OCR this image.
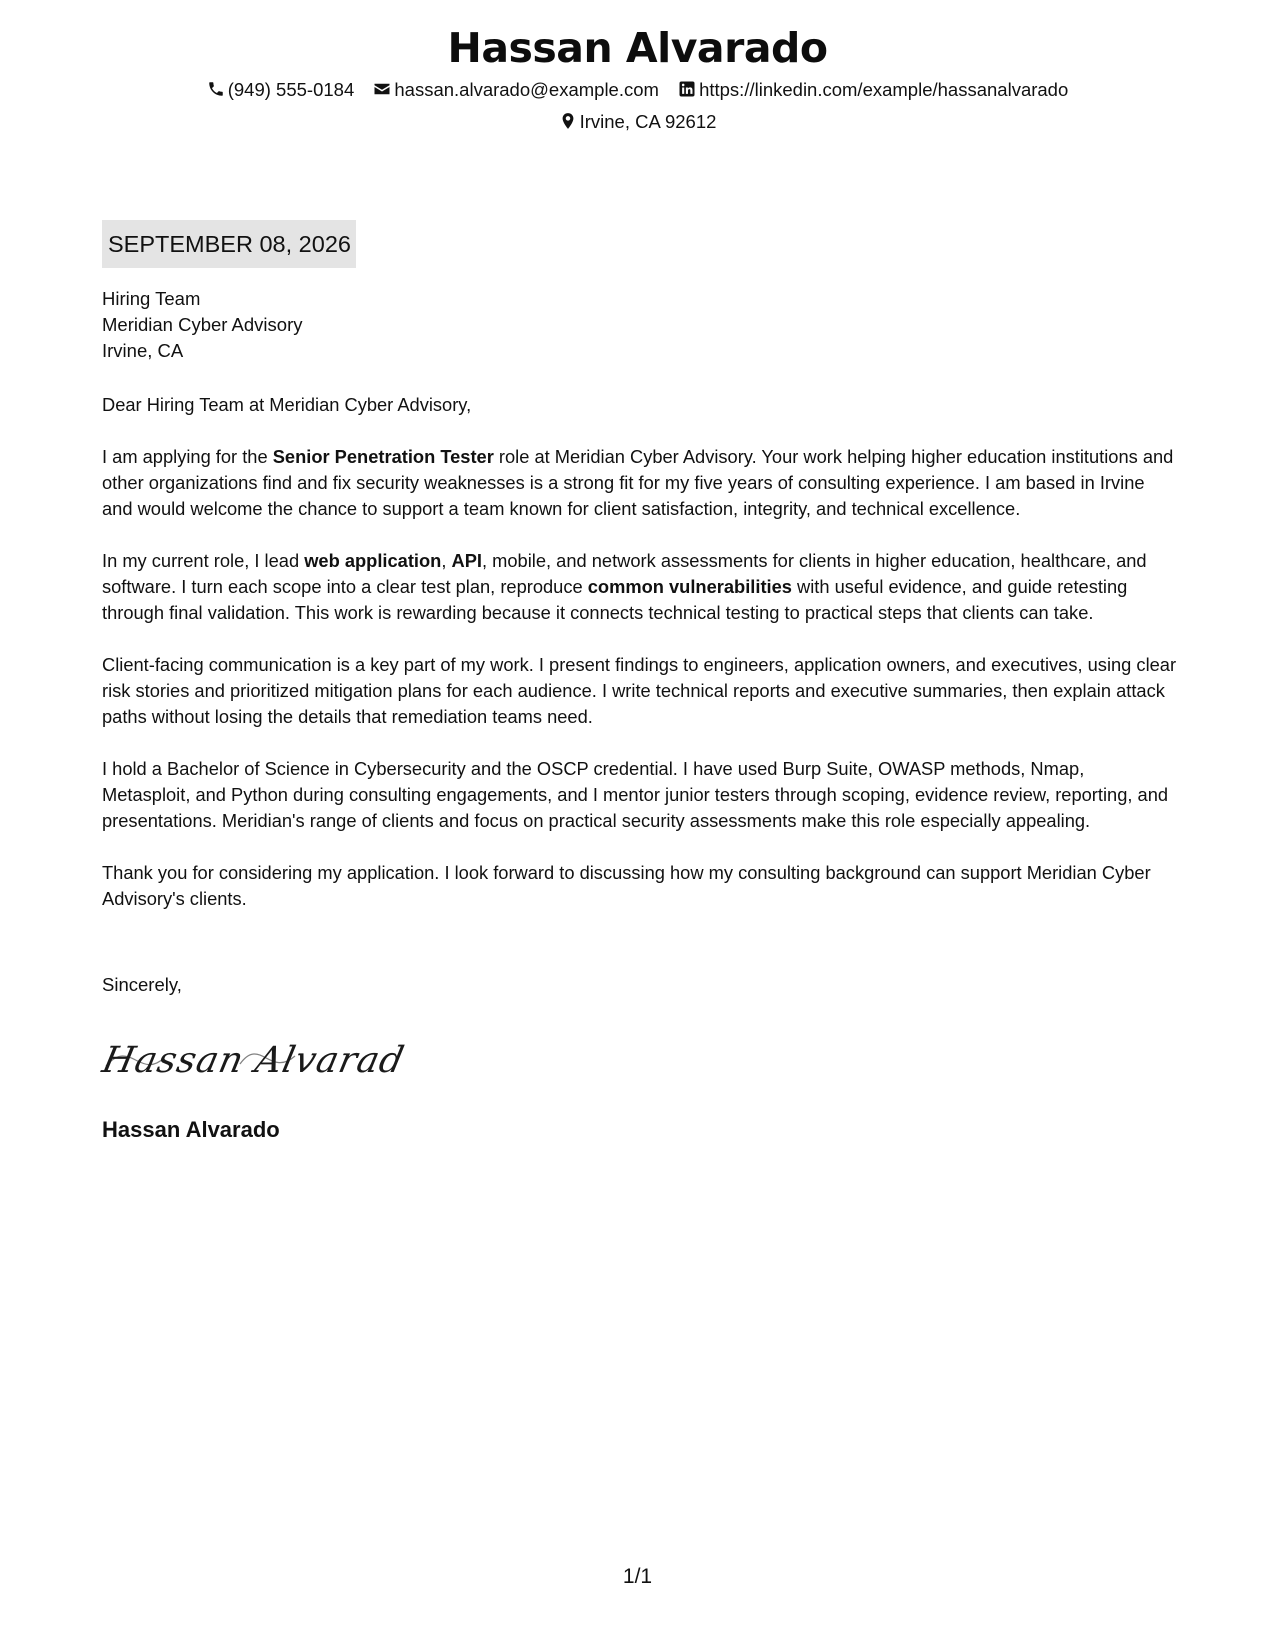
Hassan Alvarado
(949) 555-0184 hassan.alvarado@example.com https://linkedin.com/example/hassanalvarado
Irvine, CA 92612
SEPTEMBER 08, 2026
Hiring Team
Meridian Cyber Advisory
Irvine, CA

Dear Hiring Team at Meridian Cyber Advisory,

I am applying for the Senior Penetration Tester role at Meridian Cyber Advisory. Your work helping higher education institutions and other organizations find and fix security weaknesses is a strong fit for my five years of consulting experience. I am based in Irvine and would welcome the chance to support a team known for client satisfaction, integrity, and technical excellence.

In my current role, I lead web application, API, mobile, and network assessments for clients in higher education, healthcare, and software. I turn each scope into a clear test plan, reproduce common vulnerabilities with useful evidence, and guide retesting through final validation. This work is rewarding because it connects technical testing to practical steps that clients can take.

Client-facing communication is a key part of my work. I present findings to engineers, application owners, and executives, using clear risk stories and prioritized mitigation plans for each audience. I write technical reports and executive summaries, then explain attack paths without losing the details that remediation teams need.

I hold a Bachelor of Science in Cybersecurity and the OSCP credential. I have used Burp Suite, OWASP methods, Nmap, Metasploit, and Python during consulting engagements, and I mentor junior testers through scoping, evidence review, reporting, and presentations. Meridian's range of clients and focus on practical security assessments make this role especially appealing.

Thank you for considering my application. I look forward to discussing how my consulting background can support Meridian Cyber Advisory's clients.

Sincerely,
Hassan Alvarad
Hassan Alvarado
1/1
